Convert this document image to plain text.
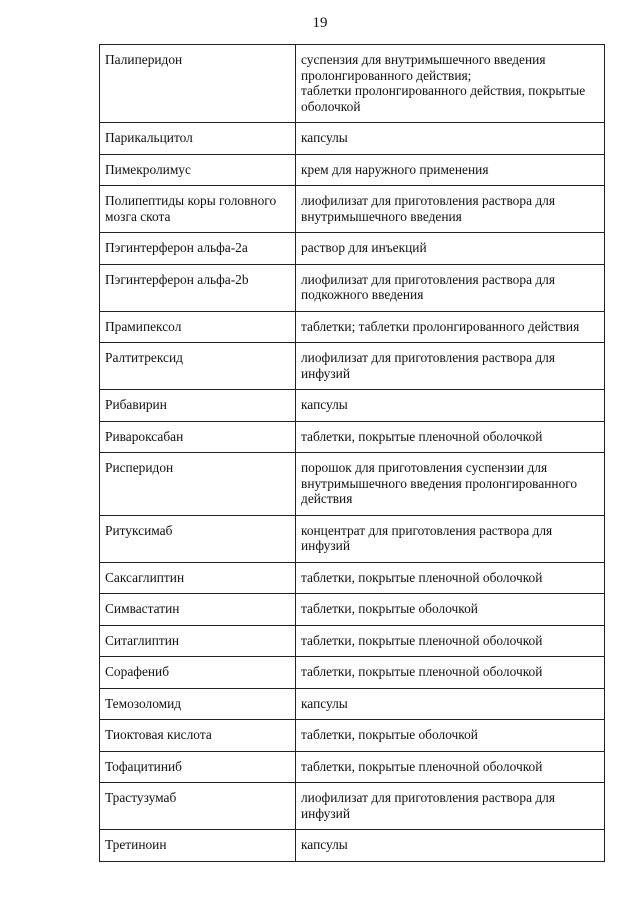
19
Палиперидон	суспензия для внутримышечного введения пролонгированного действия;
таблетки пролонгированного действия, покрытые оболочкой
Парикальцитол	капсулы
Пимекролимус	крем для наружного применения
Полипептиды коры головного мозга скота	лиофилизат для приготовления раствора для внутримышечного введения
Пэгинтерферон альфа-2а	раствор для инъекций
Пэгинтерферон альфа-2b	лиофилизат для приготовления раствора для подкожного введения
Прамипексол	таблетки; таблетки пролонгированного действия
Ралтитрексид	лиофилизат для приготовления раствора для инфузий
Рибавирин	капсулы
Ривароксабан	таблетки, покрытые пленочной оболочкой
Рисперидон	порошок для приготовления суспензии для внутримышечного введения пролонгированного действия
Ритуксимаб	концентрат для приготовления раствора для инфузий
Саксаглиптин	таблетки, покрытые пленочной оболочкой
Симвастатин	таблетки, покрытые оболочкой
Ситаглиптин	таблетки, покрытые пленочной оболочкой
Сорафениб	таблетки, покрытые пленочной оболочкой
Темозоломид	капсулы
Тиоктовая кислота	таблетки, покрытые оболочкой
Тофацитиниб	таблетки, покрытые пленочной оболочкой
Трастузумаб	лиофилизат для приготовления раствора для инфузий
Третиноин	капсулы
